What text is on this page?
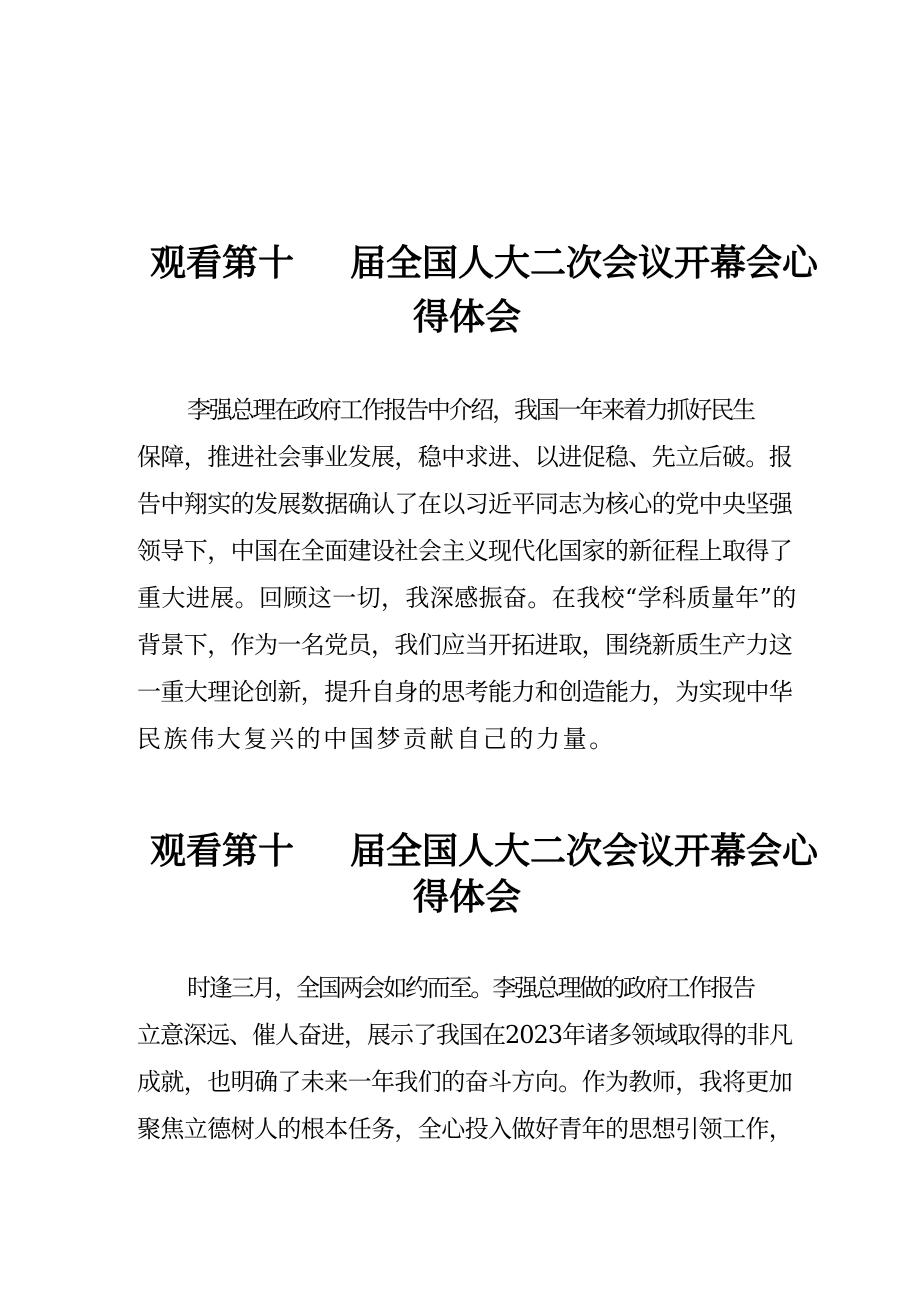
观看第十 届全国人大二次会议开幕会心
得体会
李强总理在政府工作报告中介绍，我国一年来着力抓好民生
保障，推进社会事业发展，稳中求进、以进促稳、先立后破。报
告中翔实的发展数据确认了在以习近平同志为核心的党中央坚强
领导下，中国在全面建设社会主义现代化国家的新征程上取得了
重大进展。回顾这一切，我深感振奋。在我校“学科质量年”的
背景下，作为一名党员，我们应当开拓进取，围绕新质生产力这
一重大理论创新，提升自身的思考能力和创造能力，为实现中华
民族伟大复兴的中国梦贡献自己的力量。
观看第十 届全国人大二次会议开幕会心
得体会
时逢三月，全国两会如约而至。李强总理做的政府工作报告
立意深远、催人奋进，展示了我国在2023年诸多领域取得的非凡
成就，也明确了未来一年我们的奋斗方向。作为教师，我将更加
聚焦立德树人的根本任务，全心投入做好青年的思想引领工作，
